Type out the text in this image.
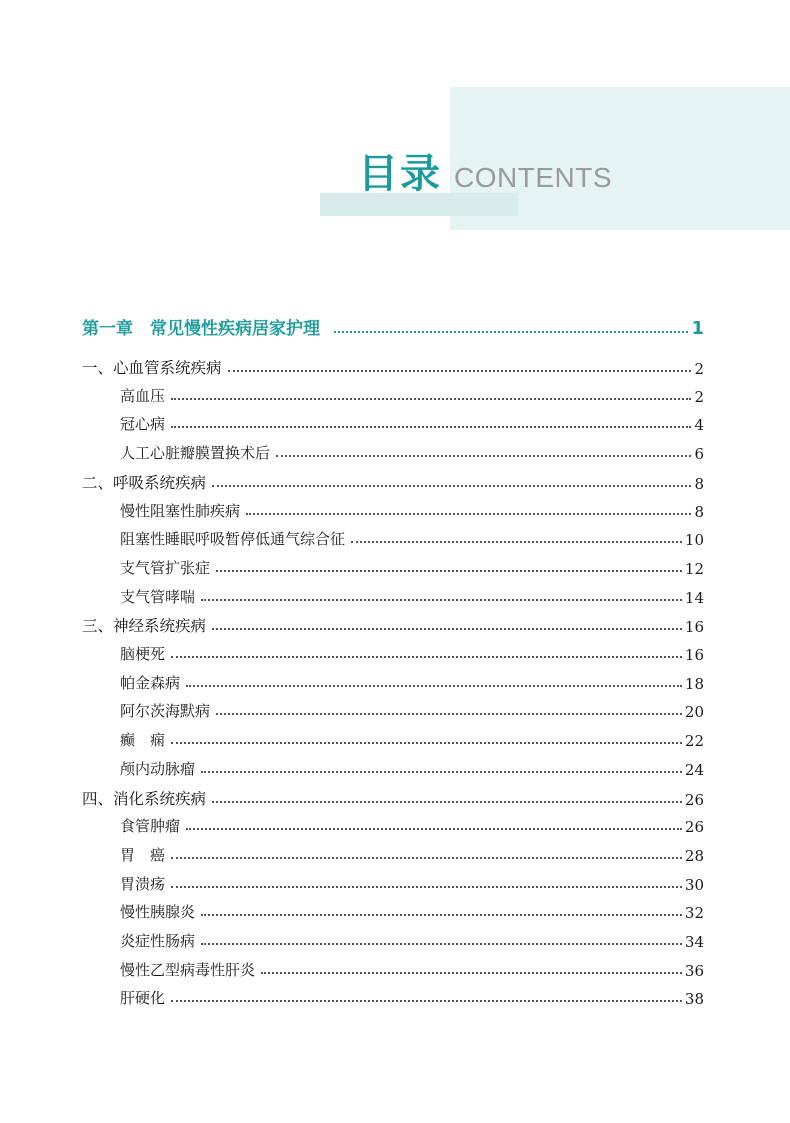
目录 CONTENTS
第一章　常见慢性疾病居家护理	1
一、心血管系统疾病	2
高血压	2
冠心病	4
人工心脏瓣膜置换术后	6
二、呼吸系统疾病	8
慢性阻塞性肺疾病	8
阻塞性睡眠呼吸暂停低通气综合征	10
支气管扩张症	12
支气管哮喘	14
三、神经系统疾病	16
脑梗死	16
帕金森病	18
阿尔茨海默病	20
癫　痫	22
颅内动脉瘤	24
四、消化系统疾病	26
食管肿瘤	26
胃　癌	28
胃溃疡	30
慢性胰腺炎	32
炎症性肠病	34
慢性乙型病毒性肝炎	36
肝硬化	38
